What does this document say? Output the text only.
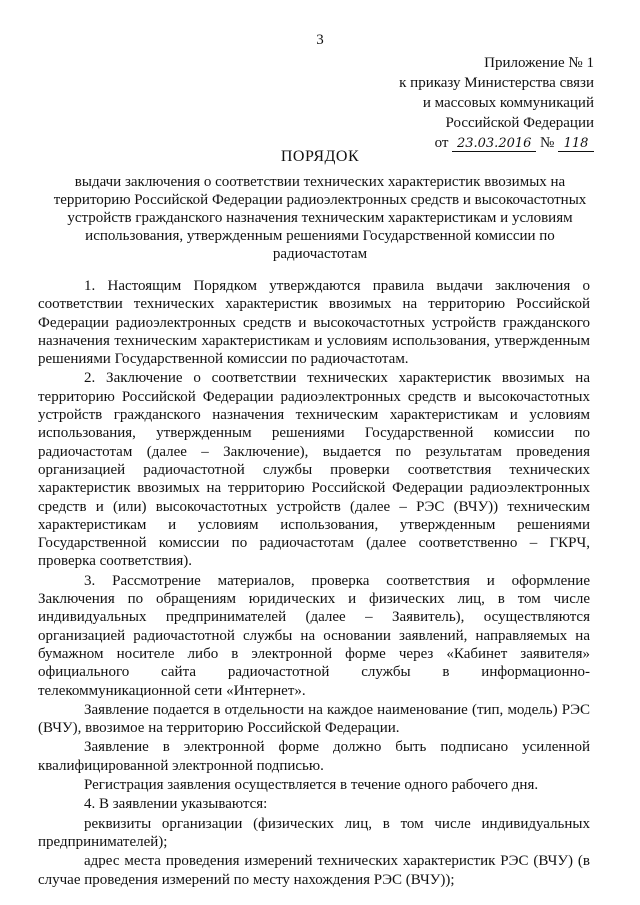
3
Приложение № 1
к приказу Министерства связи
и массовых коммуникаций
Российской Федерации
от 23.03.2016 № 118
ПОРЯДОК
выдачи заключения о соответствии технических характеристик ввозимых на территорию Российской Федерации радиоэлектронных средств и высокочастотных устройств гражданского назначения техническим характеристикам и условиям использования, утвержденным решениями Государственной комиссии по радиочастотам

1. Настоящим Порядком утверждаются правила выдачи заключения о соответствии технических характеристик ввозимых на территорию Российской Федерации радиоэлектронных средств и высокочастотных устройств гражданского назначения техническим характеристикам и условиям использования, утвержденным решениями Государственной комиссии по радиочастотам.

2. Заключение о соответствии технических характеристик ввозимых на территорию Российской Федерации радиоэлектронных средств и высокочастотных устройств гражданского назначения техническим характеристикам и условиям использования, утвержденным решениями Государственной комиссии по радиочастотам (далее – Заключение), выдается по результатам проведения организацией радиочастотной службы проверки соответствия технических характеристик ввозимых на территорию Российской Федерации радиоэлектронных средств и (или) высокочастотных устройств (далее – РЭС (ВЧУ)) техническим характеристикам и условиям использования, утвержденным решениями Государственной комиссии по радиочастотам (далее соответственно – ГКРЧ, проверка соответствия).

3. Рассмотрение материалов, проверка соответствия и оформление Заключения по обращениям юридических и физических лиц, в том числе индивидуальных предпринимателей (далее – Заявитель), осуществляются организацией радиочастотной службы на основании заявлений, направляемых на бумажном носителе либо в электронной форме через «Кабинет заявителя» официального сайта радиочастотной службы в информационно-телекоммуникационной сети «Интернет».

Заявление подается в отдельности на каждое наименование (тип, модель) РЭС (ВЧУ), ввозимое на территорию Российской Федерации.

Заявление в электронной форме должно быть подписано усиленной квалифицированной электронной подписью.

Регистрация заявления осуществляется в течение одного рабочего дня.

4. В заявлении указываются:

реквизиты организации (физических лиц, в том числе индивидуальных предпринимателей);

адрес места проведения измерений технических характеристик РЭС (ВЧУ) (в случае проведения измерений по месту нахождения РЭС (ВЧУ));
